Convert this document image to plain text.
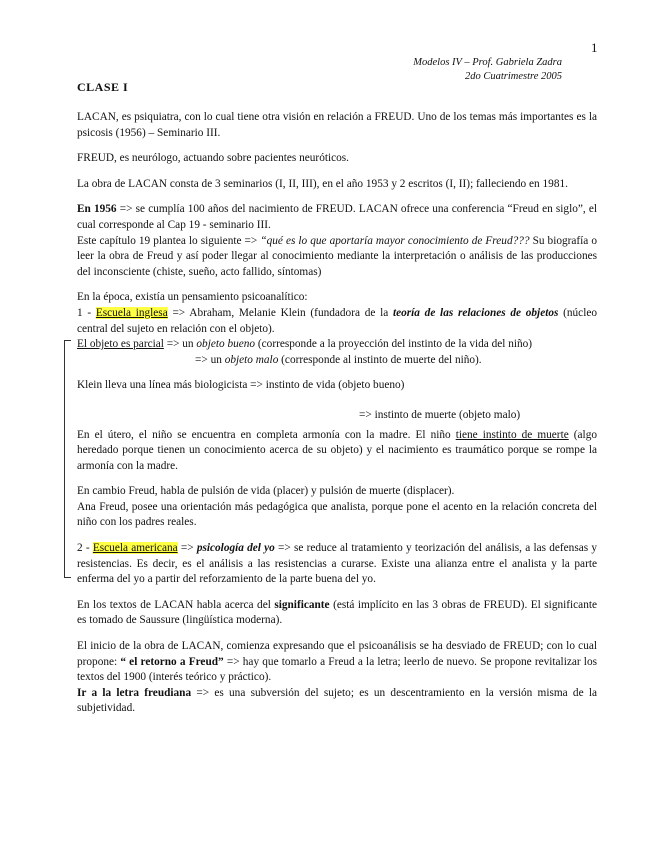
1
Modelos IV – Prof. Gabriela Zadra
2do Cuatrimestre 2005
CLASE I

LACAN, es psiquiatra, con lo cual tiene otra visión en relación a FREUD. Uno de los temas más importantes es la psicosis (1956) – Seminario III.

FREUD, es neurólogo, actuando sobre pacientes neuróticos.

La obra de LACAN consta de 3 seminarios (I, II, III), en el año 1953 y 2 escritos (I, II); falleciendo en 1981.

En 1956 => se cumplía 100 años del nacimiento de FREUD. LACAN ofrece una conferencia “Freud en siglo”, el cual corresponde al Cap 19 - seminario III.

Este capítulo 19 plantea lo siguiente => “qué es lo que aportaría mayor conocimiento de Freud??? Su biografía o leer la obra de Freud y así poder llegar al conocimiento mediante la interpretación o análisis de las producciones del inconsciente (chiste, sueño, acto fallido, síntomas)

En la época, existía un pensamiento psicoanalítico:

1 - Escuela inglesa => Abraham, Melanie Klein (fundadora de la teoría de las relaciones de objetos (núcleo central del sujeto en relación con el objeto).

El objeto es parcial => un objeto bueno (corresponde a la proyección del instinto de la vida del niño)

=> un objeto malo (corresponde al instinto de muerte del niño).

Klein lleva una línea más biologicista => instinto de vida (objeto bueno)

=> instinto de muerte (objeto malo)

En el útero, el niño se encuentra en completa armonía con la madre. El niño tiene instinto de muerte (algo heredado porque tienen un conocimiento acerca de su objeto) y el nacimiento es traumático porque se rompe la armonía con la madre.

En cambio Freud, habla de pulsión de vida (placer) y pulsión de muerte (displacer).

Ana Freud, posee una orientación más pedagógica que analista, porque pone el acento en la relación concreta del niño con los padres reales.

2 - Escuela americana => psicología del yo => se reduce al tratamiento y teorización del análisis, a las defensas y resistencias. Es decir, es el análisis a las resistencias a curarse. Existe una alianza entre el analista y la parte enferma del yo a partir del reforzamiento de la parte buena del yo.

En los textos de LACAN habla acerca del significante (está implícito en las 3 obras de FREUD). El significante es tomado de Saussure (lingüística moderna).

El inicio de la obra de LACAN, comienza expresando que el psicoanálisis se ha desviado de FREUD; con lo cual propone: “ el retorno a Freud” => hay que tomarlo a Freud a la letra; leerlo de nuevo. Se propone revitalizar los textos del 1900 (interés teórico y práctico).

Ir a la letra freudiana => es una subversión del sujeto; es un descentramiento en la versión misma de la subjetividad.
